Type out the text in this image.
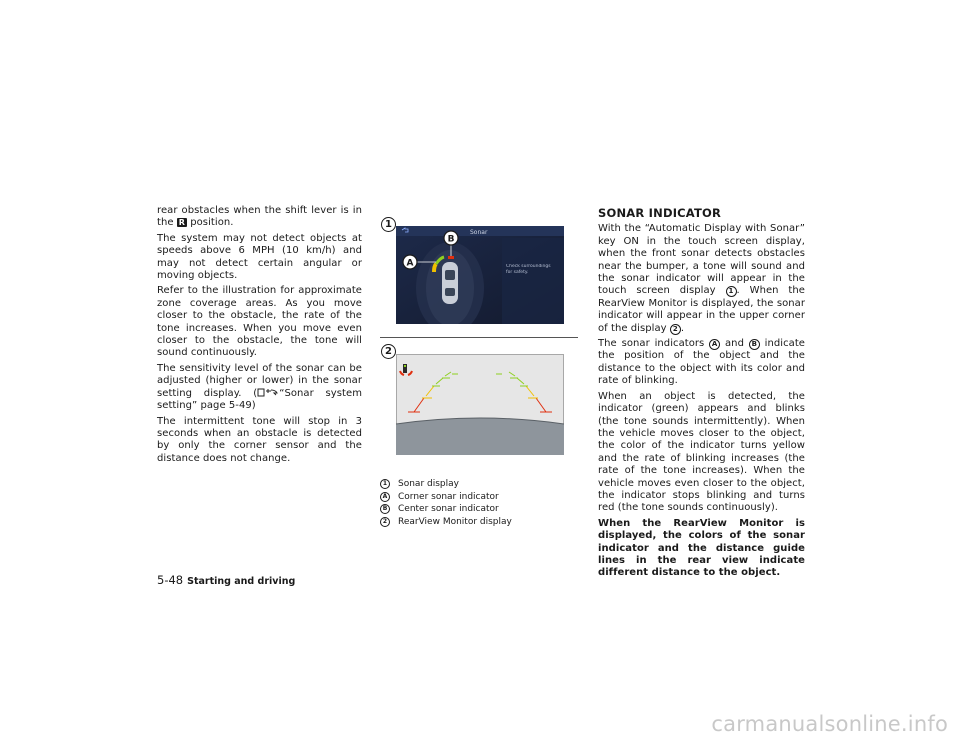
rear obstacles when the shift lever is in the R position.

The system may not detect objects at speeds above 6 MPH (10 km/h) and may not detect certain angular or moving objects.

Refer to the illustration for approximate zone coverage areas. As you move closer to the obstacle, the rate of the tone increases. When you move even closer to the obstacle, the tone will sound continuously.

The sensitivity level of the sonar can be adjusted (higher or lower) in the sonar setting display. ( “Sonar system setting” page 5-49)

The intermittent tone will stop in 3 seconds when an obstacle is detected by only the corner sensor and the distance does not change.

1
Sonar
A
B
Check surroundings for safety.
2
1	Sonar display
A Corner sonar indicator
B	Center sonar indicator
2	RearView Monitor display
SONAR INDICATOR

With the “Automatic Display with Sonar” key ON in the touch screen display, when the front sonar detects obstacles near the bumper, a tone will sound and the sonar indicator will appear in the touch screen display 1 . When the RearView Monitor is displayed, the sonar indicator will appear in the upper corner of the display 2 .

The sonar indicators A and B indicate the position of the object and the distance to the object with its color and rate of blinking.

When an object is detected, the indicator (green) appears and blinks (the tone sounds intermittently). When the vehicle moves closer to the object, the color of the indicator turns yellow and the rate of blinking increases (the rate of the tone increases). When the vehicle moves even closer to the object, the indicator stops blinking and turns red (the tone sounds continuously).

When the RearView Monitor is displayed, the colors of the sonar indicator and the distance guide lines in the rear view indicate different distance to the object.

5-48 Starting and driving
carmanualsonline.info
